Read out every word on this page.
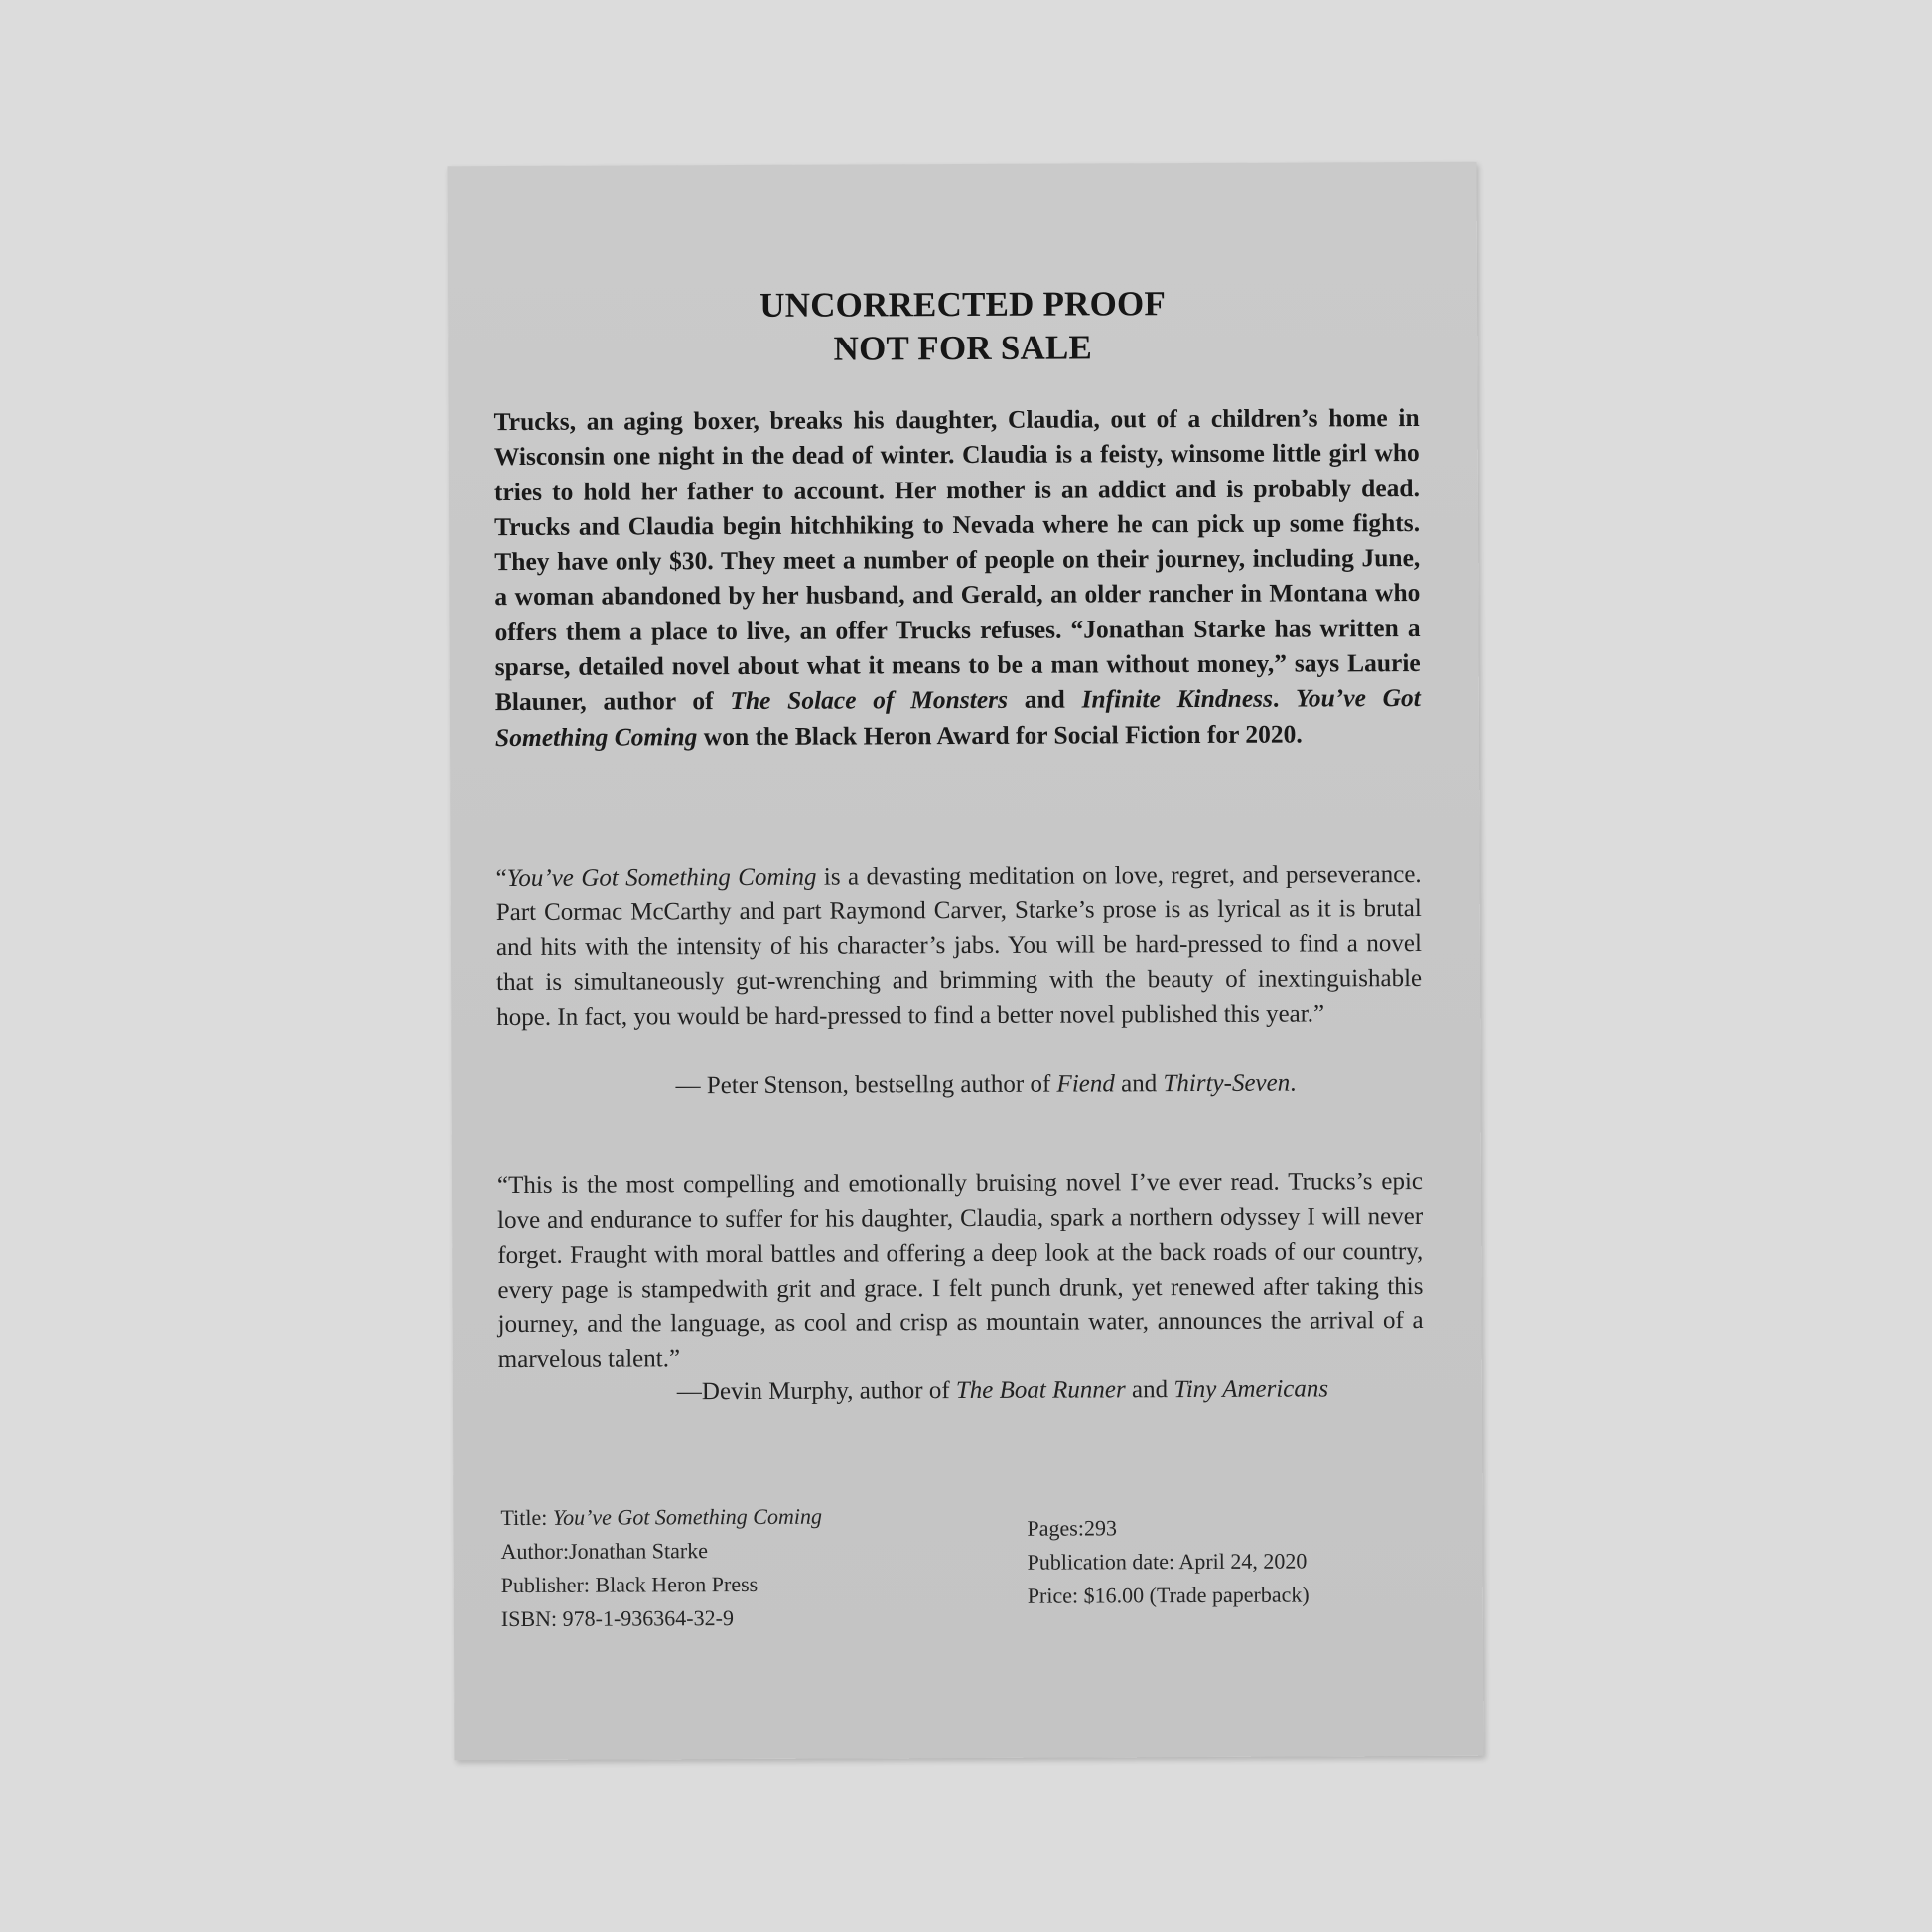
UNCORRECTED PROOF
NOT FOR SALE
Trucks, an aging boxer, breaks his daughter, Claudia, out of a children’s home in Wisconsin one night in the dead of winter. Claudia is a feisty, winsome little girl who tries to hold her father to account. Her mother is an addict and is probably dead. Trucks and Claudia begin hitchhiking to Nevada where he can pick up some fights. They have only $30. They meet a number of people on their journey, including June, a woman abandoned by her husband, and Gerald, an older rancher in Montana who offers them a place to live, an offer Trucks refuses. “Jonathan Starke has written a sparse, detailed novel about what it means to be a man without money,” says Laurie Blauner, author of The Solace of Monsters and Infinite Kindness. You’ve Got Something Coming won the Black Heron Award for Social Fiction for 2020.
“You’ve Got Something Coming is a devasting meditation on love, regret, and perseverance. Part Cormac McCarthy and part Raymond Carver, Starke’s prose is as lyrical as it is brutal and hits with the intensity of his character’s jabs. You will be hard-pressed to find a novel that is simultaneously gut-wrenching and brimming with the beauty of inextinguishable hope. In fact, you would be hard-pressed to find a better novel published this year.”
— Peter Stenson, bestsellng author of Fiend and Thirty-Seven.
“This is the most compelling and emotionally bruising novel I’ve ever read. Trucks’s epic love and endurance to suffer for his daughter, Claudia, spark a northern odyssey I will never forget. Fraught with moral battles and offering a deep look at the back roads of our country, every page is stampedwith grit and grace. I felt punch drunk, yet renewed after taking this journey, and the language, as cool and crisp as mountain water, announces the arrival of a marvelous talent.”
—Devin Murphy, author of The Boat Runner and Tiny Americans
Title: You’ve Got Something Coming
Author:Jonathan Starke
Publisher: Black Heron Press
ISBN: 978-1-936364-32-9
Pages:293
Publication date: April 24, 2020
Price: $16.00 (Trade paperback)
